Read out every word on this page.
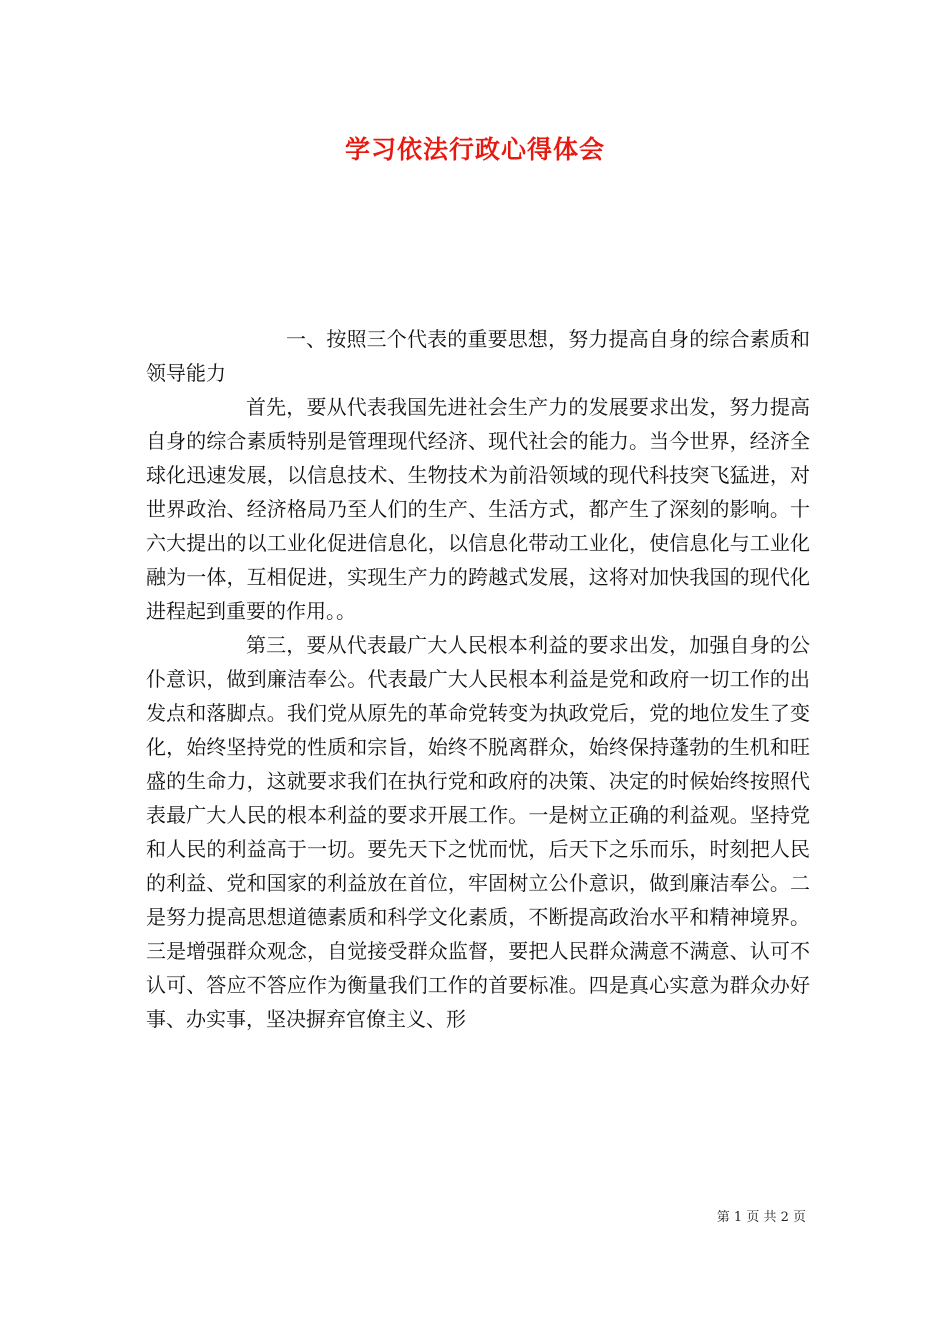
学习依法行政心得体会

一、按照三个代表的重要思想，努力提高自身的综合素质和领导能力

首先，要从代表我国先进社会生产力的发展要求出发，努力提高自身的综合素质特别是管理现代经济、现代社会的能力。当今世界，经济全球化迅速发展，以信息技术、生物技术为前沿领域的现代科技突飞猛进，对世界政治、经济格局乃至人们的生产、生活方式，都产生了深刻的影响。十六大提出的以工业化促进信息化，以信息化带动工业化，使信息化与工业化融为一体，互相促进，实现生产力的跨越式发展，这将对加快我国的现代化进程起到重要的作用。。

第三，要从代表最广大人民根本利益的要求出发，加强自身的公仆意识，做到廉洁奉公。代表最广大人民根本利益是党和政府一切工作的出发点和落脚点。我们党从原先的革命党转变为执政党后，党的地位发生了变化，始终坚持党的性质和宗旨，始终不脱离群众，始终保持蓬勃的生机和旺盛的生命力，这就要求我们在执行党和政府的决策、决定的时候始终按照代表最广大人民的根本利益的要求开展工作。一是树立正确的利益观。坚持党和人民的利益高于一切。要先天下之忧而忧，后天下之乐而乐，时刻把人民的利益、党和国家的利益放在首位，牢固树立公仆意识，做到廉洁奉公。二是努力提高思想道德素质和科学文化素质，不断提高政治水平和精神境界。三是增强群众观念，自觉接受群众监督，要把人民群众满意不满意、认可不认可、答应不答应作为衡量我们工作的首要标准。四是真心实意为群众办好事、办实事，坚决摒弃官僚主义、形

第 1 页 共 2 页
